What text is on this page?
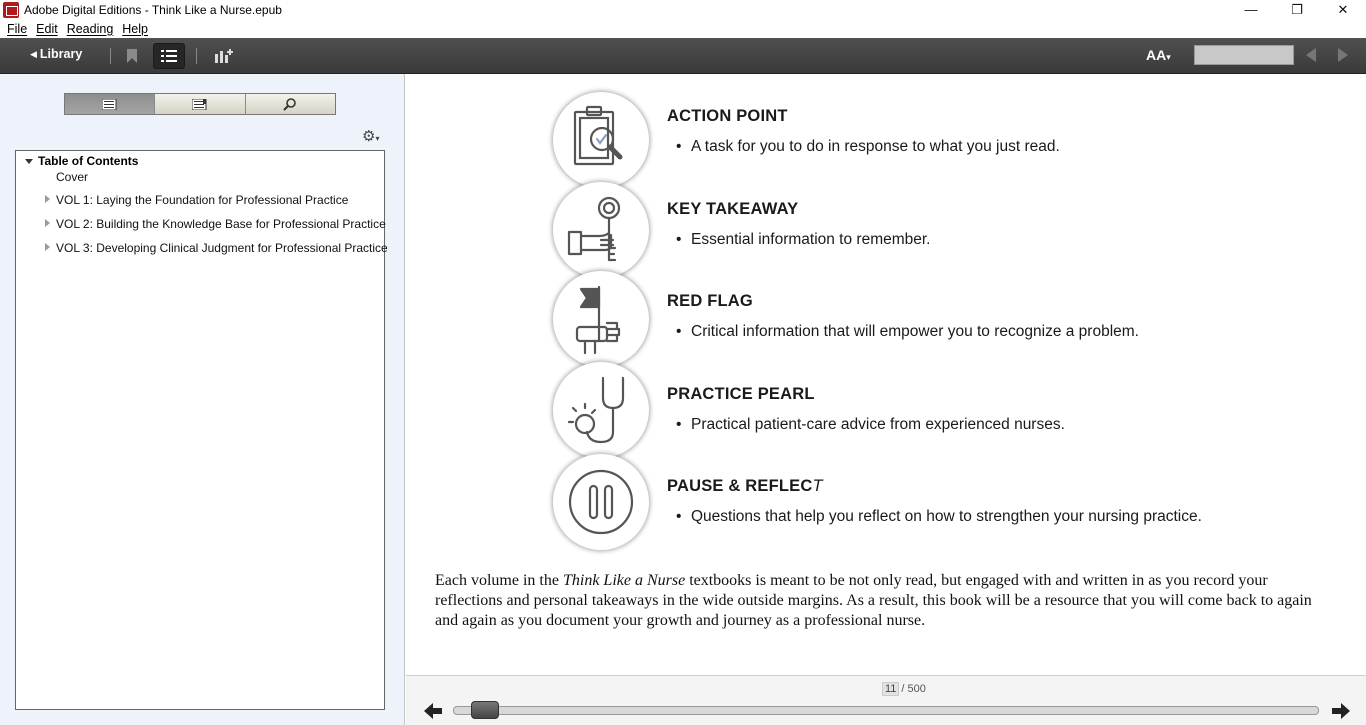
Adobe Digital Editions - Think Like a Nurse.epub	—	❐	✕
File Edit Reading Help
◀ Library	AA▾
⚙▾
Table of Contents
Cover
VOL 1: Laying the Foundation for Professional Practice
VOL 2: Building the Knowledge Base for Professional Practice
VOL 3: Developing Clinical Judgment for Professional Practice
ACTION POINT
• A task for you to do in response to what you just read.
KEY TAKEAWAY
• Essential information to remember.
RED FLAG
• Critical information that will empower you to recognize a problem.
PRACTICE PEARL
• Practical patient-care advice from experienced nurses.
PAUSE & REFLECT
• Questions that help you reflect on how to strengthen your nursing practice.
Each volume in the Think Like a Nurse textbooks is meant to be not only read, but engaged with and written in as you record your reflections and personal takeaways in the wide outside margins. As a result, this book will be a resource that you will come back to again and again as you document your growth and journey as a professional nurse.
11 / 500
